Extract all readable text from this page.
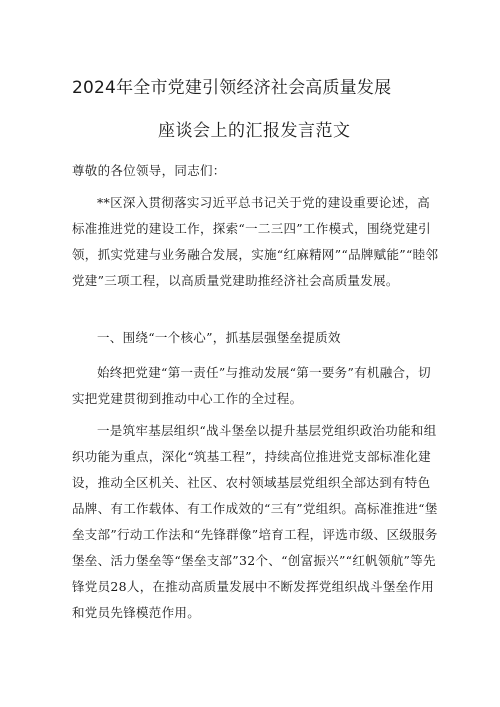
2024年全市党建引领经济社会高质量发展
座谈会上的汇报发言范文

尊敬的各位领导，同志们：

**区深入贯彻落实习近平总书记关于党的建设重要论述，高标准推进党的建设工作，探索“一二三四”工作模式，围绕党建引领，抓实党建与业务融合发展，实施“红麻精网”“品牌赋能”“睦邻党建”三项工程，以高质量党建助推经济社会高质量发展。

一、围绕“一个核心”，抓基层强堡垒提质效

始终把党建“第一责任”与推动发展“第一要务”有机融合，切实把党建贯彻到推动中心工作的全过程。

一是筑牢基层组织“战斗堡垒以提升基层党组织政治功能和组织功能为重点，深化“筑基工程”，持续高位推进党支部标准化建设，推动全区机关、社区、农村领域基层党组织全部达到有特色品牌、有工作载体、有工作成效的“三有”党组织。高标准推进“堡垒支部”行动工作法和“先锋群像”培育工程，评选市级、区级服务堡垒、活力堡垒等“堡垒支部”32个、“创富振兴”“红帆领航”等先锋党员28人，在推动高质量发展中不断发挥党组织战斗堡垒作用和党员先锋模范作用。
